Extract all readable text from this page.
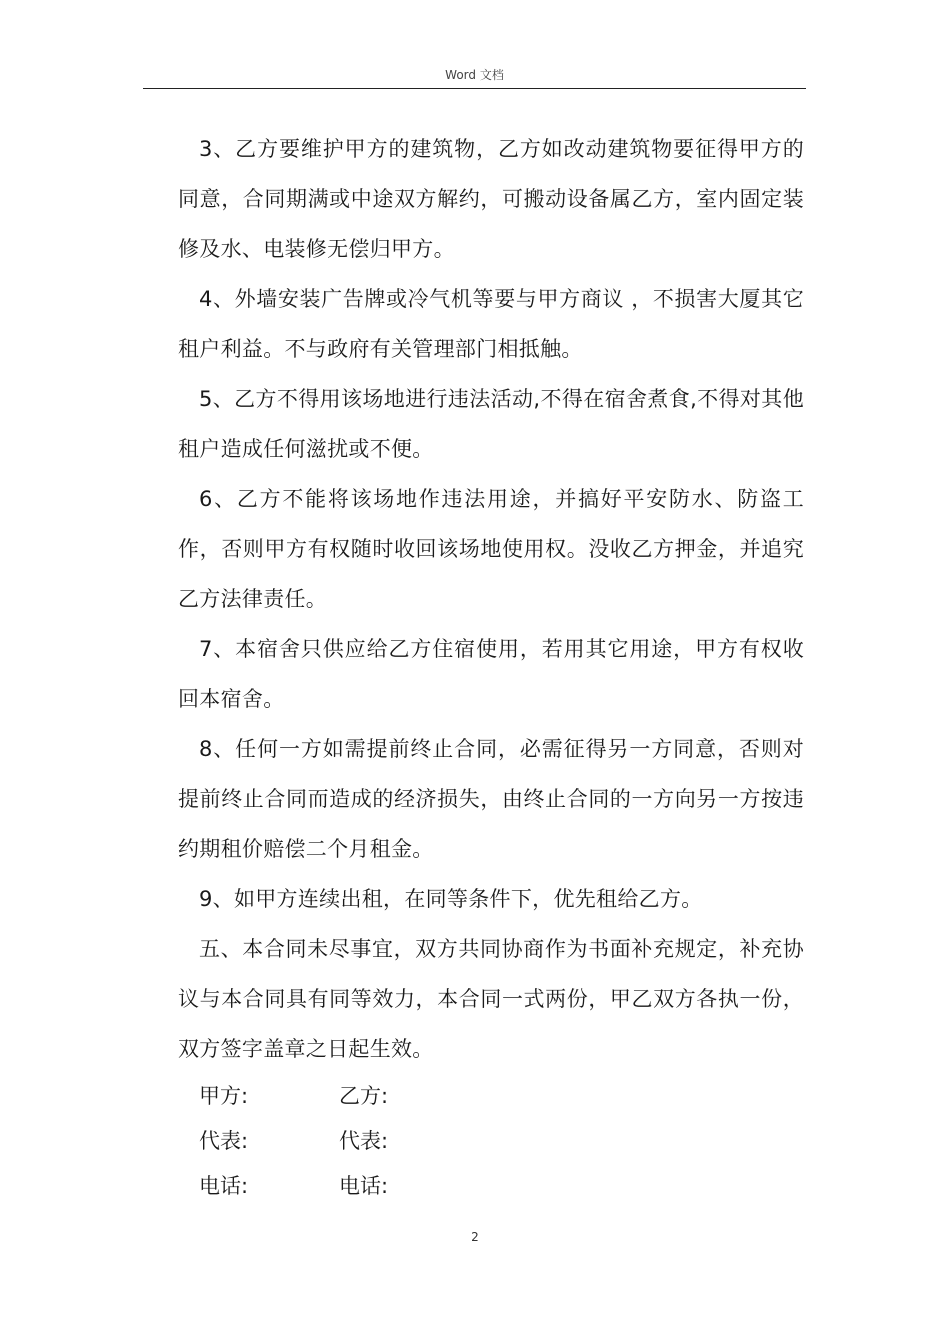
Word 文档

3、乙方要维护甲方的建筑物，乙方如改动建筑物要征得甲方的同意，合同期满或中途双方解约，可搬动设备属乙方，室内固定装修及水、电装修无偿归甲方。

4、外墙安装广告牌或冷气机等要与甲方商议 ，不损害大厦其它租户利益。不与政府有关管理部门相抵触。

5、乙方不得用该场地进行违法活动,不得在宿舍煮食,不得对其他租户造成任何滋扰或不便。

6、乙方不能将该场地作违法用途，并搞好平安防水、防盗工作，否则甲方有权随时收回该场地使用权。没收乙方押金，并追究乙方法律责任。

7、本宿舍只供应给乙方住宿使用，若用其它用途，甲方有权收回本宿舍。

8、任何一方如需提前终止合同，必需征得另一方同意，否则对提前终止合同而造成的经济损失，由终止合同的一方向另一方按违约期租价赔偿二个月租金。

9、如甲方连续出租，在同等条件下，优先租给乙方。

五、本合同未尽事宜，双方共同协商作为书面补充规定，补充协议与本合同具有同等效力，本合同一式两份，甲乙双方各执一份，双方签字盖章之日起生效。

甲方:	乙方:
代表:	代表:
电话:	电话:
2
